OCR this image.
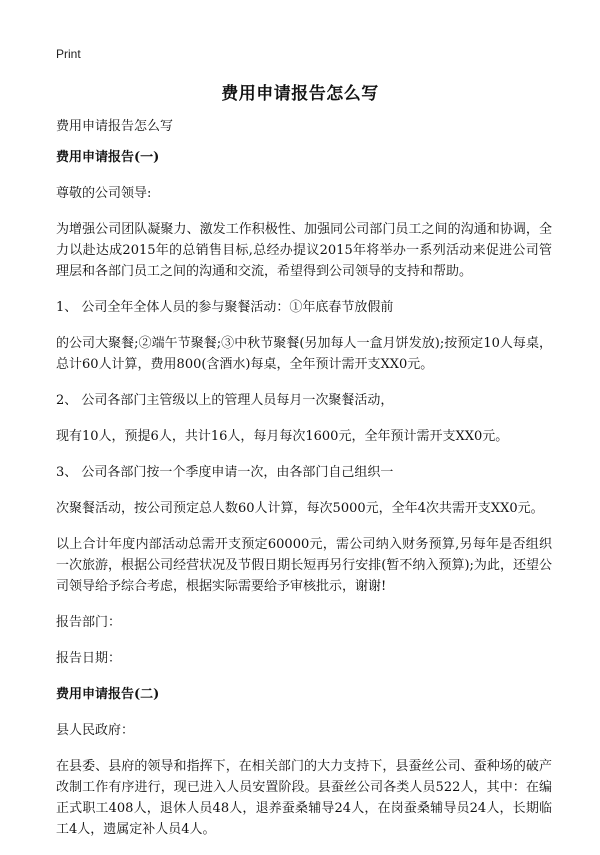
Print
费用申请报告怎么写

费用申请报告怎么写

费用申请报告(一)

尊敬的公司领导:

为增强公司团队凝聚力、激发工作积极性、加强同公司部门员工之间的沟通和协调，全力以赴达成2015年的总销售目标,总经办提议2015年将举办一系列活动来促进公司管理层和各部门员工之间的沟通和交流，希望得到公司领导的支持和帮助。

1、 公司全年全体人员的参与聚餐活动：①年底春节放假前

的公司大聚餐;②端午节聚餐;③中秋节聚餐(另加每人一盒月饼发放);按预定10人每桌，总计60人计算，费用800(含酒水)每桌，全年预计需开支XX0元。

2、 公司各部门主管级以上的管理人员每月一次聚餐活动，

现有10人，预提6人，共计16人，每月每次1600元，全年预计需开支XX0元。

3、 公司各部门按一个季度申请一次，由各部门自己组织一

次聚餐活动，按公司预定总人数60人计算，每次5000元，全年4次共需开支XX0元。

以上合计年度内部活动总需开支预定60000元，需公司纳入财务预算,另每年是否组织一次旅游，根据公司经营状况及节假日期长短再另行安排(暂不纳入预算);为此，还望公司领导给予综合考虑，根据实际需要给予审核批示，谢谢!

报告部门：

报告日期：

费用申请报告(二)

县人民政府：

在县委、县府的领导和指挥下，在相关部门的大力支持下，县蚕丝公司、蚕种场的破产改制工作有序进行，现已进入人员安置阶段。县蚕丝公司各类人员522人，其中：在编正式职工408人，退休人员48人，退养蚕桑辅导24人，在岗蚕桑辅导员24人，长期临工4人，遗属定补人员4人。
